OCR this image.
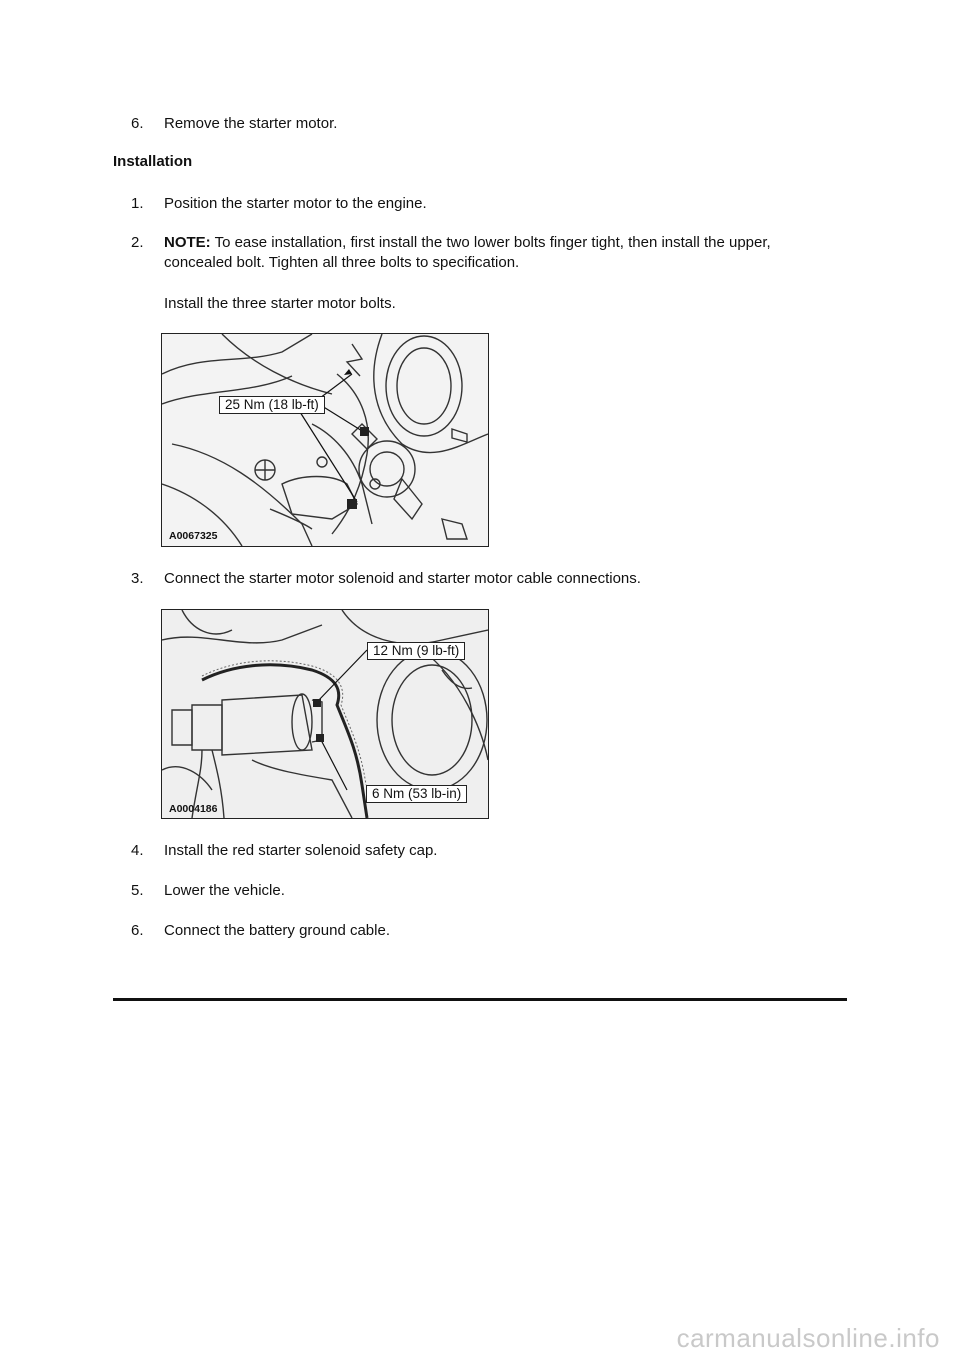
6.	Remove the starter motor.
Installation
1.	Position the starter motor to the engine.
2.	NOTE: To ease installation, first install the two lower bolts finger tight, then install the upper,
concealed bolt. Tighten all three bolts to specification.
Install the three starter motor bolts.
25 Nm (18 lb-ft)
A0067325
3.	Connect the starter motor solenoid and starter motor cable connections.
12 Nm (9 lb-ft)
6 Nm (53 lb-in)
A0004186
4.	Install the red starter solenoid safety cap.
5.	Lower the vehicle.
6.	Connect the battery ground cable.
carmanualsonline.info
